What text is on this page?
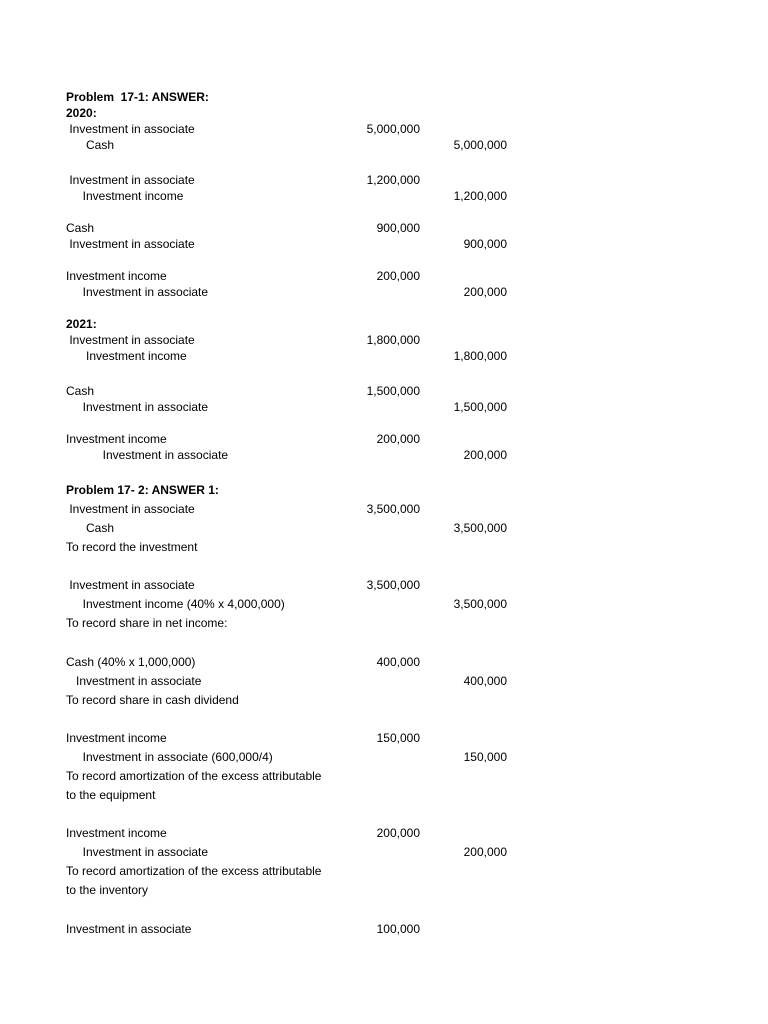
Problem  17-1: ANSWER:
2020:
Investment in associate	5,000,000
Cash	5,000,000
Investment in associate	1,200,000
Investment income	1,200,000
Cash	900,000
Investment in associate	900,000
Investment income	200,000
Investment in associate	200,000
2021:
Investment in associate	1,800,000
Investment income	1,800,000
Cash	1,500,000
Investment in associate	1,500,000
Investment income	200,000
Investment in associate	200,000
Problem 17- 2: ANSWER 1:
Investment in associate	3,500,000
Cash	3,500,000
To record the investment
Investment in associate	3,500,000
Investment income (40% x 4,000,000)	3,500,000
To record share in net income:
Cash (40% x 1,000,000)	400,000
Investment in associate	400,000
To record share in cash dividend
Investment income	150,000
Investment in associate (600,000/4)	150,000
To record amortization of the excess attributable
to the equipment
Investment income	200,000
Investment in associate	200,000
To record amortization of the excess attributable
to the inventory
Investment in associate	100,000
